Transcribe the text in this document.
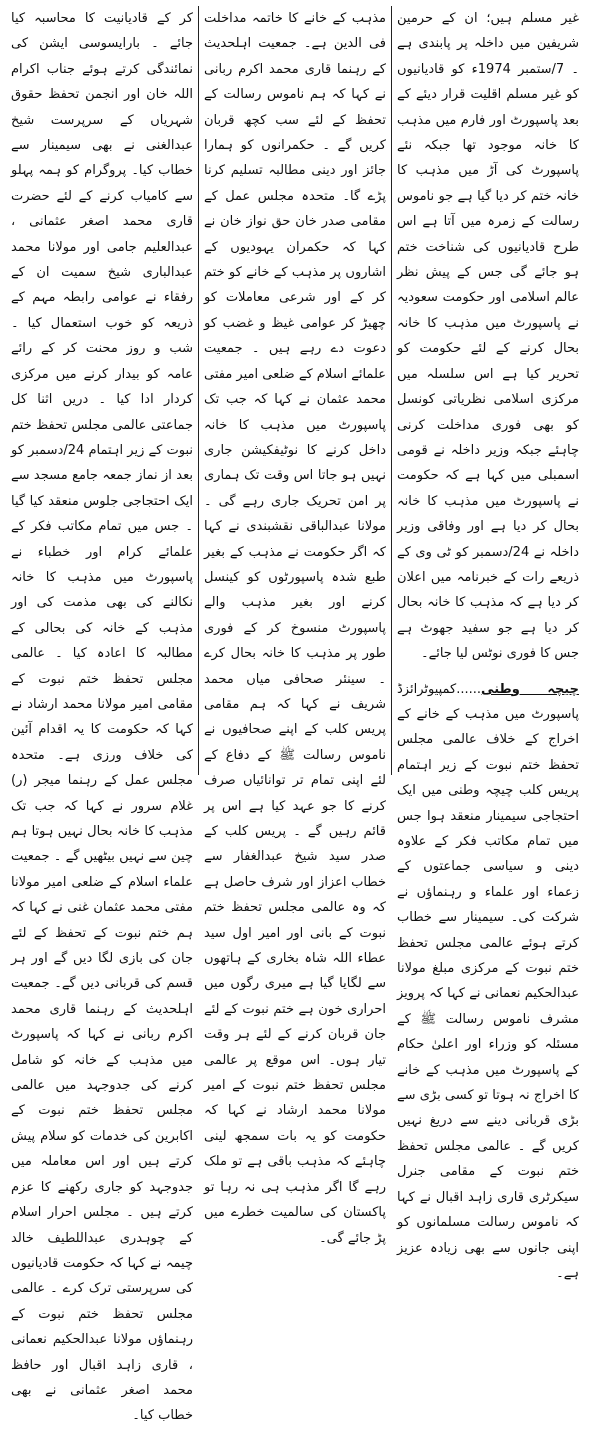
غیر مسلم ہیں؛ ان کے حرمین شریفین میں داخلہ پر پابندی ہے ۔ 7/ستمبر 1974ء کو قادیانیوں کو غیر مسلم اقلیت قرار دیئے کے بعد پاسپورٹ اور فارم میں مذہب کا خانہ موجود تھا جبکہ نئے پاسپورٹ کی آڑ میں مذہب کا خانہ ختم کر دیا گیا ہے جو ناموس رسالت کے زمرہ میں آتا ہے اس طرح قادیانیوں کی شناخت ختم ہو جائے گی جس کے پیش نظر عالم اسلامی اور حکومت سعودیہ نے پاسپورٹ میں مذہب کا خانہ بحال کرنے کے لئے حکومت کو تحریر کیا ہے اس سلسلہ میں مرکزی اسلامی نظریاتی کونسل کو بھی فوری مداخلت کرنی چاہئے جبکہ وزیر داخلہ نے قومی اسمبلی میں کہا ہے کہ حکومت نے پاسپورٹ میں مذہب کا خانہ بحال کر دیا ہے اور وفاقی وزیر داخلہ نے 24/دسمبر کو ٹی وی کے ذریعے رات کے خبرنامہ میں اعلان کر دیا ہے کہ مذہب کا خانہ بحال کر دیا ہے جو سفید جھوٹ ہے جس کا فوری نوٹس لیا جائے۔

چیچہ وطنی......کمپیوٹرائزڈ پاسپورٹ میں مذہب کے خانے کے اخراج کے خلاف عالمی مجلس تحفظ ختم نبوت کے زیر اہتمام پریس کلب چیچہ وطنی میں ایک احتجاجی سیمینار منعقد ہوا جس میں تمام مکاتب فکر کے علاوہ دینی و سیاسی جماعتوں کے زعماء اور علماء و رہنماؤں نے شرکت کی۔ سیمینار سے خطاب کرتے ہوئے عالمی مجلس تحفظ ختم نبوت کے مرکزی مبلغ مولانا عبدالحکیم نعمانی نے کہا کہ پرویز مشرف ناموس رسالت ﷺ کے مسئلہ کو وزراء اور اعلیٰ حکام کے پاسپورٹ میں مذہب کے خانے کا اخراج نہ ہوتا تو کسی بڑی سے بڑی قربانی دینے سے دریغ نہیں کریں گے ۔ عالمی مجلس تحفظ ختم نبوت کے مقامی جنرل سیکرٹری قاری زاہد اقبال نے کہا کہ ناموس رسالت مسلمانوں کو اپنی جانوں سے بھی زیادہ عزیز ہے۔

مذہب کے خانے کا خاتمہ مداخلت فی الدین ہے۔ جمعیت اہلحدیث کے رہنما قاری محمد اکرم ربانی نے کہا کہ ہم ناموس رسالت کے تحفظ کے لئے سب کچھ قربان کریں گے ۔ حکمرانوں کو ہمارا جائز اور دینی مطالبہ تسلیم کرنا پڑے گا۔ متحدہ مجلس عمل کے مقامی صدر خان حق نواز خان نے کہا کہ حکمران یہودیوں کے اشاروں پر مذہب کے خانے کو ختم کر کے اور شرعی معاملات کو چھیڑ کر عوامی غیظ و غضب کو دعوت دے رہے ہیں ۔ جمعیت علمائے اسلام کے ضلعی امیر مفتی محمد عثمان نے کہا کہ جب تک پاسپورٹ میں مذہب کا خانہ داخل کرنے کا نوٹیفکیشن جاری نہیں ہو جاتا اس وقت تک ہماری پر امن تحریک جاری رہے گی ۔ مولانا عبدالباقی نقشبندی نے کہا کہ اگر حکومت نے مذہب کے بغیر طبع شدہ پاسپورٹوں کو کینسل کرنے اور بغیر مذہب والے پاسپورٹ منسوخ کر کے فوری طور پر مذہب کا خانہ بحال کرے ۔ سینئر صحافی میاں محمد شریف نے کہا کہ ہم مقامی پریس کلب کے اپنے صحافیوں نے ناموس رسالت ﷺ کے دفاع کے لئے اپنی تمام تر توانائیاں صرف کرنے کا جو عہد کیا ہے اس پر قائم رہیں گے ۔ پریس کلب کے صدر سید شیخ عبدالغفار سے خطاب اعزاز اور شرف حاصل ہے کہ وہ عالمی مجلس تحفظ ختم نبوت کے بانی اور امیر اول سید عطاء اللہ شاہ بخاری کے ہاتھوں سے لگایا گیا ہے میری رگوں میں احراری خون ہے ختم نبوت کے لئے جان قربان کرنے کے لئے ہر وقت تیار ہوں۔ اس موقع پر عالمی مجلس تحفظ ختم نبوت کے امیر مولانا محمد ارشاد نے کہا کہ حکومت کو یہ بات سمجھ لینی چاہئے کہ مذہب باقی ہے تو ملک رہے گا اگر مذہب ہی نہ رہا تو پاکستان کی سالمیت خطرے میں پڑ جائے گی۔

کر کے قادیانیت کا محاسبہ کیا جائے ۔ بارایسوسی ایشن کی نمائندگی کرتے ہوئے جناب اکرام اللہ خان اور انجمن تحفظ حقوق شہریاں کے سرپرست شیخ عبدالغنی نے بھی سیمینار سے خطاب کیا۔ پروگرام کو ہمہ پہلو سے کامیاب کرنے کے لئے حضرت قاری محمد اصغر عثمانی ، عبدالعلیم جامی اور مولانا محمد عبدالباری شیخ سمیت ان کے رفقاء نے عوامی رابطہ مہم کے ذریعہ کو خوب استعمال کیا ۔ شب و روز محنت کر کے رائے عامہ کو بیدار کرنے میں مرکزی کردار ادا کیا ۔ دریں اثنا کل جماعتی عالمی مجلس تحفظ ختم نبوت کے زیر اہتمام 24/دسمبر کو بعد از نماز جمعہ جامع مسجد سے ایک احتجاجی جلوس منعقد کیا گیا ۔ جس میں تمام مکاتب فکر کے علمائے کرام اور خطباء نے پاسپورٹ میں مذہب کا خانہ نکالنے کی بھی مذمت کی اور مذہب کے خانہ کی بحالی کے مطالبہ کا اعادہ کیا ۔ عالمی مجلس تحفظ ختم نبوت کے مقامی امیر مولانا محمد ارشاد نے کہا کہ حکومت کا یہ اقدام آئین کی خلاف ورزی ہے۔ متحدہ مجلس عمل کے رہنما میجر (ر) غلام سرور نے کہا کہ جب تک مذہب کا خانہ بحال نہیں ہوتا ہم چین سے نہیں بیٹھیں گے ۔ جمعیت علماء اسلام کے ضلعی امیر مولانا مفتی محمد عثمان غنی نے کہا کہ ہم ختم نبوت کے تحفظ کے لئے جان کی بازی لگا دیں گے اور ہر قسم کی قربانی دیں گے۔ جمعیت اہلحدیث کے رہنما قاری محمد اکرم ربانی نے کہا کہ پاسپورٹ میں مذہب کے خانہ کو شامل کرنے کی جدوجہد میں عالمی مجلس تحفظ ختم نبوت کے اکابرین کی خدمات کو سلام پیش کرتے ہیں اور اس معاملہ میں جدوجہد کو جاری رکھنے کا عزم کرتے ہیں ۔ مجلس احرار اسلام کے چوہدری عبداللطیف خالد چیمہ نے کہا کہ حکومت قادیانیوں کی سرپرستی ترک کرے ۔ عالمی مجلس تحفظ ختم نبوت کے رہنماؤں مولانا عبدالحکیم نعمانی ، قاری زاہد اقبال اور حافظ محمد اصغر عثمانی نے بھی خطاب کیا۔
